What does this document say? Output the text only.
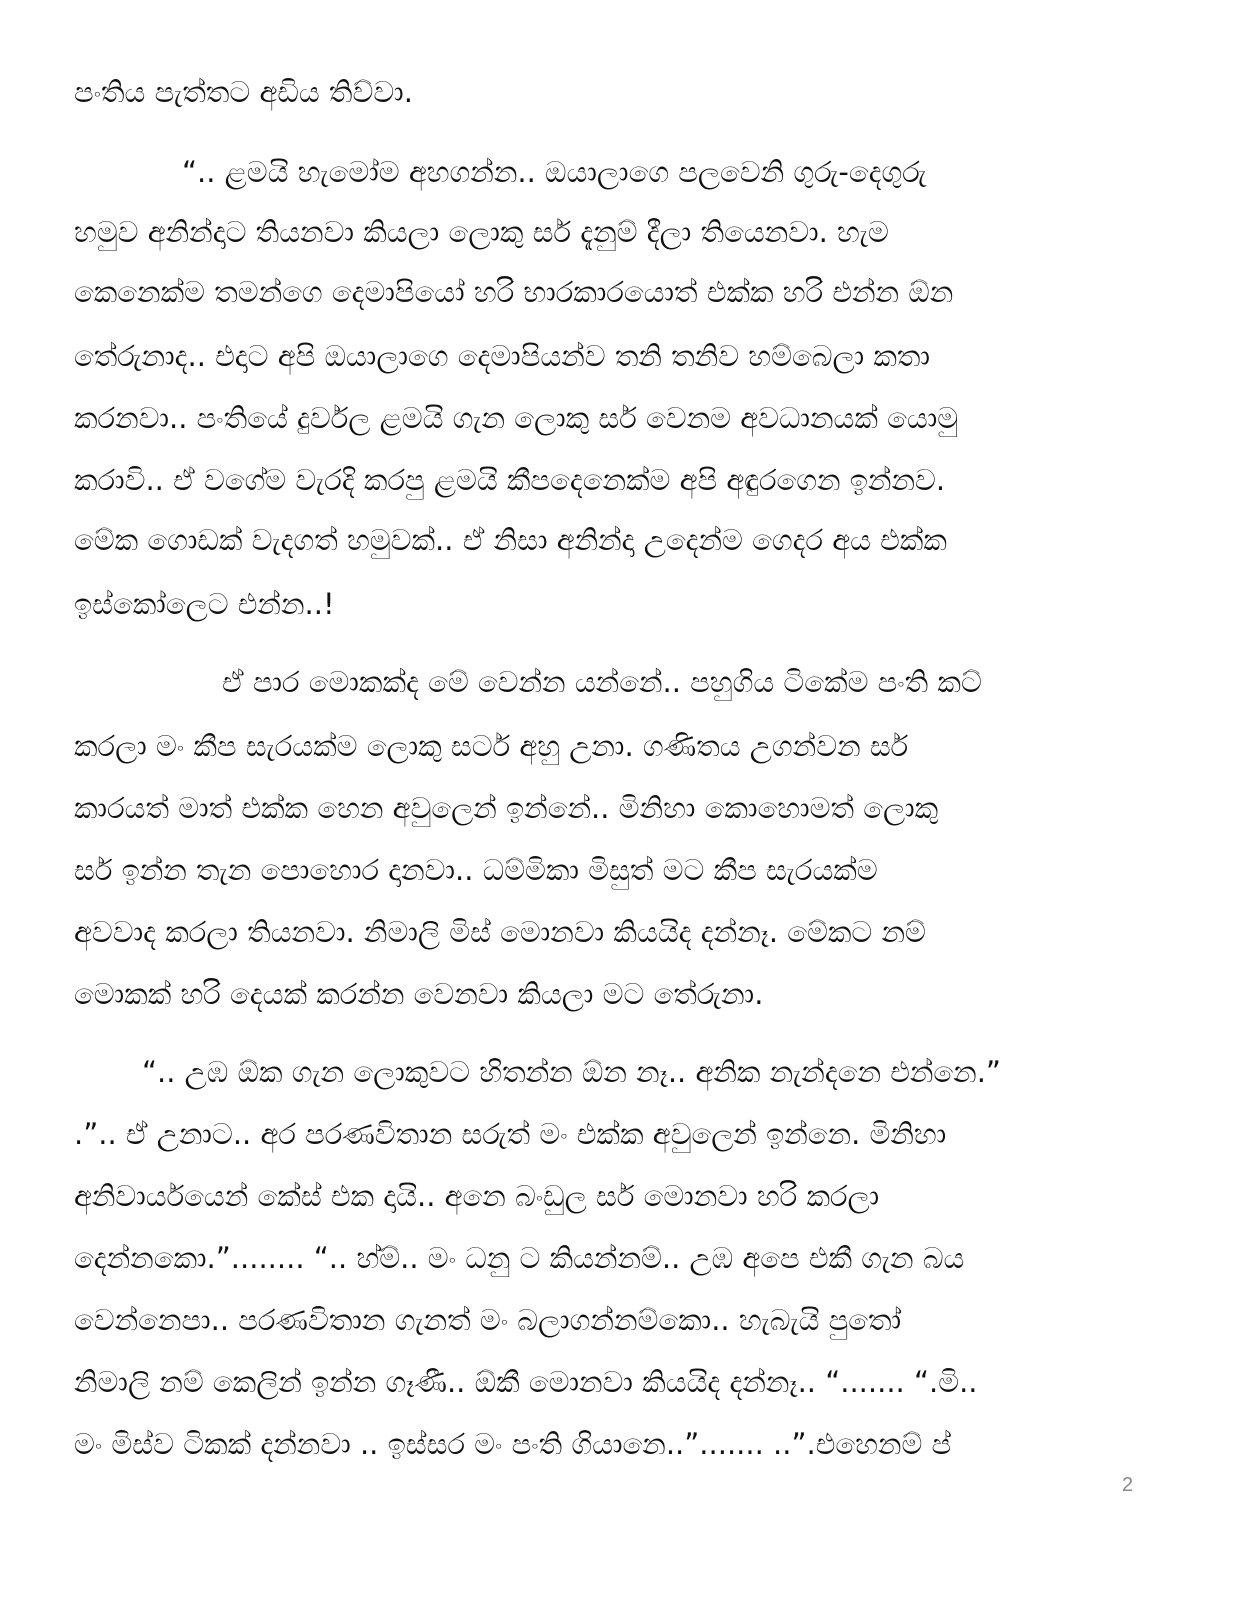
පංතිය පැත්තට අඩිය තිව්වා.
“.. ළමයි හැමෝම අහගන්න.. ඔයාලාගෙ පලවෙනි ගුරු-දෙගුරු
හමුව අනින්දාට තියනවා කියලා ලොකු සර් දැනුම් දීලා තියෙනවා. හැම
කෙනෙක්ම තමන්ගෙ දෙමාපියෝ හරි භාරකාරයොත් එක්ක හරි එන්න ඕන
තේරුනාද.. එදාට අපි ඔයාලාගෙ දෙමාපියන්ව තනි තනිව හම්බෙලා කතා
කරනවා.. පංතියේ දුර්වල ළමයි ගැන ලොකු සර් වෙනම අවධානයක් යොමු
කරාවි.. ඒ වගේම වැරදි කරපු ළමයි කීපදෙනෙක්ම අපි අඳුරගෙන ඉන්නව.
මේක ගොඩක් වැදගත් හමුවක්.. ඒ නිසා අනින්දා උදෙන්ම ගෙදර අය එක්ක
ඉස්කෝලෙට එන්න..!
ඒ පාර මොකක්ද මේ වෙන්න යන්නේ.. පහුගිය ටිකේම පංති කට්
කරලා මං කීප සැරයක්ම ලොකු සර්ට අහු උනා. ගණිතය උගන්වන සර්
කාරයත් මාත් එක්ක හෙන අවුලෙන් ඉන්නේ.. මිනිහා කොහොමත් ලොකු
සර් ඉන්න තැන පොහොර දානවා.. ධම්මිකා මිසුත් මට කීප සැරයක්ම
අවවාද කරලා තියනවා. නිමාලි මිස් මොනවා කියයිද දන්නෑ. මේකට නම්
මොකක් හරි දෙයක් කරන්න වෙනවා කියලා මට තේරුනා.
“.. උඹ ඕක ගැන ලොකුවට හිතන්න ඕන නෑ.. අනික නැන්දනෙ එන්නෙ.”
.”.. ඒ උනාට.. අර පරණවිතාන සරුත් මං එක්ක අවුලෙන් ඉන්නෙ. මිනිහා
අනිවාර්යයෙන් කේස් එක දායි.. අනෙ බංඩුල සර් මොනවා හරි කරලා
දෙන්නකො.”........ “.. හ්ම්.. මං ධනු ට කියන්නම්.. උඹ අපෙ එකී ගැන බය
වෙන්නෙපා.. පරණවිතාන ගැනත් මං බලාගන්නම්කො.. හැබැයි පුතෝ
නිමාලි නම් කෙලින් ඉන්න ගෑණී.. ඕකී මොනවා කියයිද දන්නෑ.. “....... “.මි..
මං මිස්ව ටිකක් දන්නවා .. ඉස්සර මං පංති ගියානෙ..”....... ..”.එහෙනම් ප්
2
